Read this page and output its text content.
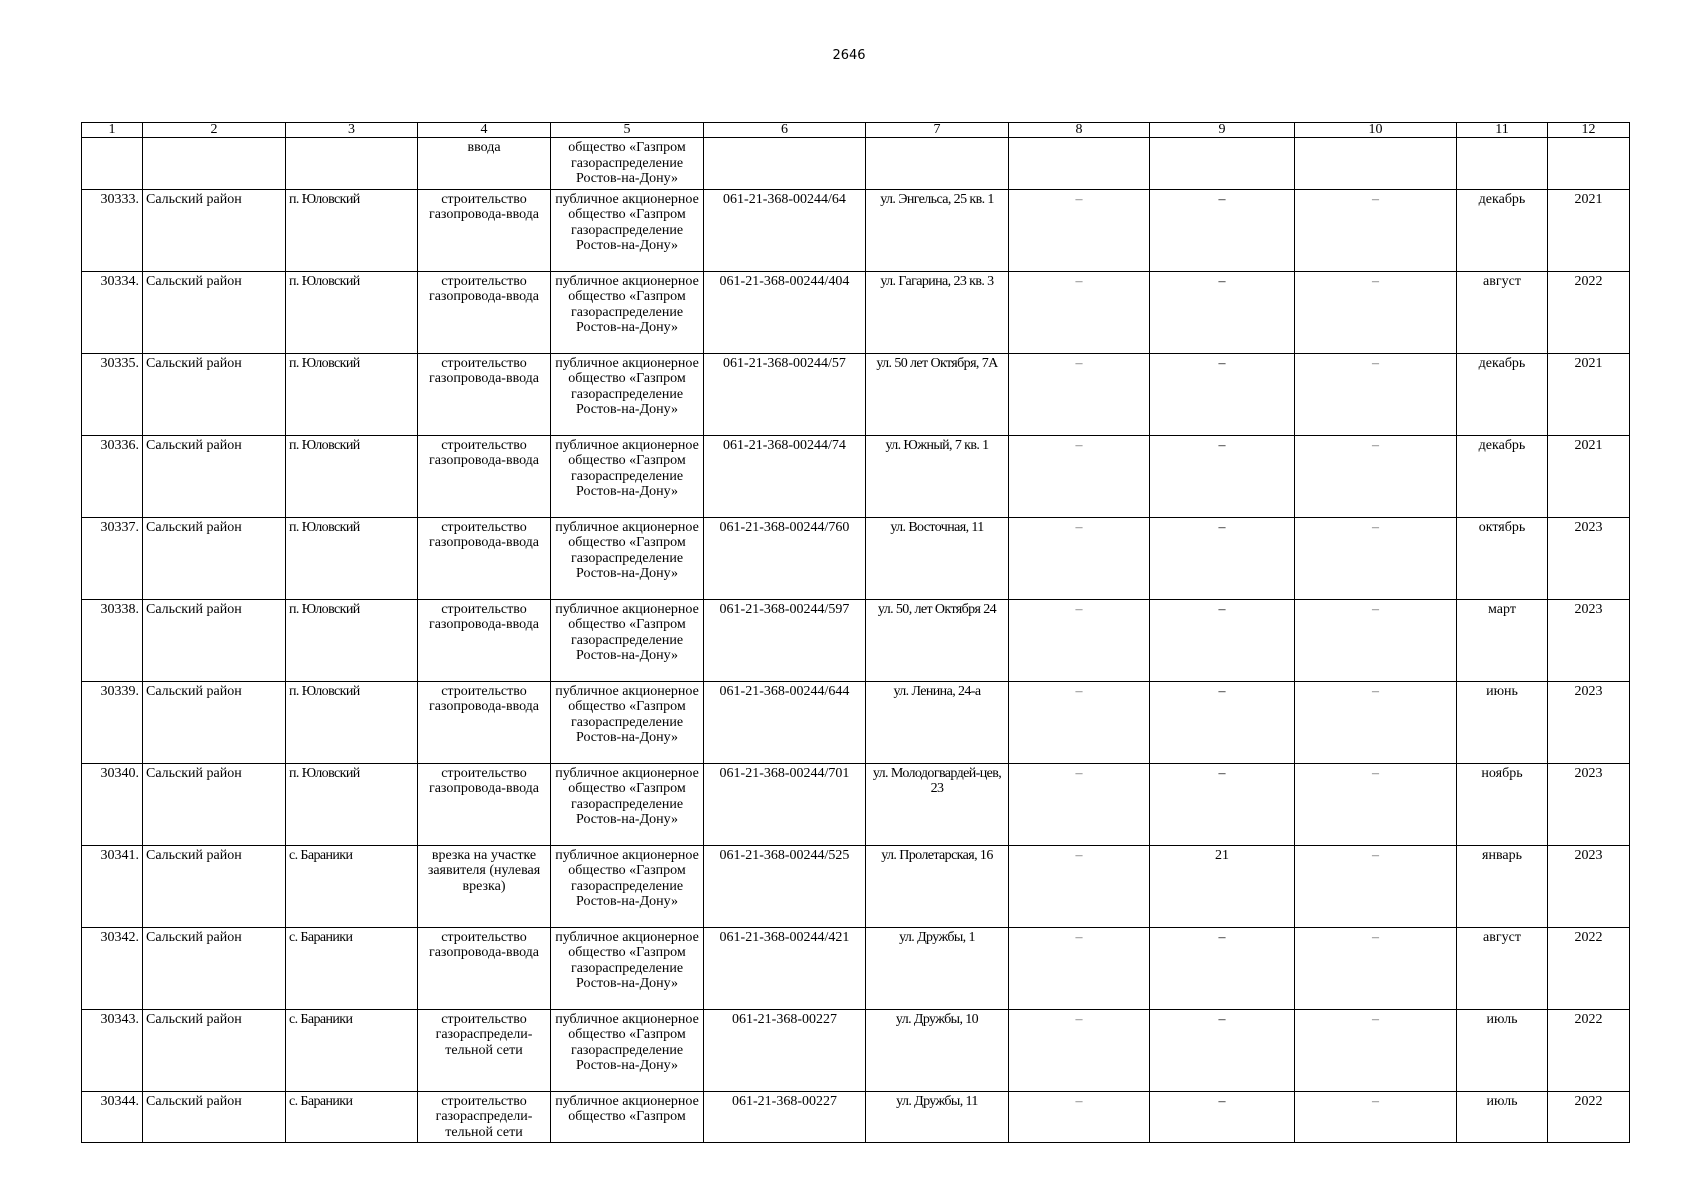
2646
1	2	3	4	5	6	7	8	9	10	11	12
			ввода	общество «Газпром газораспределение Ростов-на-Дону»							
30333.	Сальский район	п. Юловский	строительство газопровода-ввода	публичное акционерное общество «Газпром газораспределение Ростов-на-Дону»	061-21-368-00244/64	ул. Энгельса, 25 кв. 1	–	–	–	декабрь	2021
30334.	Сальский район	п. Юловский	строительство газопровода-ввода	публичное акционерное общество «Газпром газораспределение Ростов-на-Дону»	061-21-368-00244/404	ул. Гагарина, 23 кв. 3	–	–	–	август	2022
30335.	Сальский район	п. Юловский	строительство газопровода-ввода	публичное акционерное общество «Газпром газораспределение Ростов-на-Дону»	061-21-368-00244/57	ул. 50 лет Октября, 7А	–	–	–	декабрь	2021
30336.	Сальский район	п. Юловский	строительство газопровода-ввода	публичное акционерное общество «Газпром газораспределение Ростов-на-Дону»	061-21-368-00244/74	ул. Южный, 7 кв. 1	–	–	–	декабрь	2021
30337.	Сальский район	п. Юловский	строительство газопровода-ввода	публичное акционерное общество «Газпром газораспределение Ростов-на-Дону»	061-21-368-00244/760	ул. Восточная, 11	–	–	–	октябрь	2023
30338.	Сальский район	п. Юловский	строительство газопровода-ввода	публичное акционерное общество «Газпром газораспределение Ростов-на-Дону»	061-21-368-00244/597	ул. 50, лет Октября 24	–	–	–	март	2023
30339.	Сальский район	п. Юловский	строительство газопровода-ввода	публичное акционерное общество «Газпром газораспределение Ростов-на-Дону»	061-21-368-00244/644	ул. Ленина, 24-а	–	–	–	июнь	2023
30340.	Сальский район	п. Юловский	строительство газопровода-ввода	публичное акционерное общество «Газпром газораспределение Ростов-на-Дону»	061-21-368-00244/701	ул. Молодогвардей-цев, 23	–	–	–	ноябрь	2023
30341.	Сальский район	с. Бараники	врезка на участке заявителя (нулевая врезка)	публичное акционерное общество «Газпром газораспределение Ростов-на-Дону»	061-21-368-00244/525	ул. Пролетарская, 16	–	21	–	январь	2023
30342.	Сальский район	с. Бараники	строительство газопровода-ввода	публичное акционерное общество «Газпром газораспределение Ростов-на-Дону»	061-21-368-00244/421	ул. Дружбы, 1	–	–	–	август	2022
30343.	Сальский район	с. Бараники	строительство газораспредели-тельной сети	публичное акционерное общество «Газпром газораспределение Ростов-на-Дону»	061-21-368-00227	ул. Дружбы, 10	–	–	–	июль	2022
30344.	Сальский район	с. Бараники	строительство газораспредели-тельной сети	публичное акционерное общество «Газпром	061-21-368-00227	ул. Дружбы, 11	–	–	–	июль	2022
